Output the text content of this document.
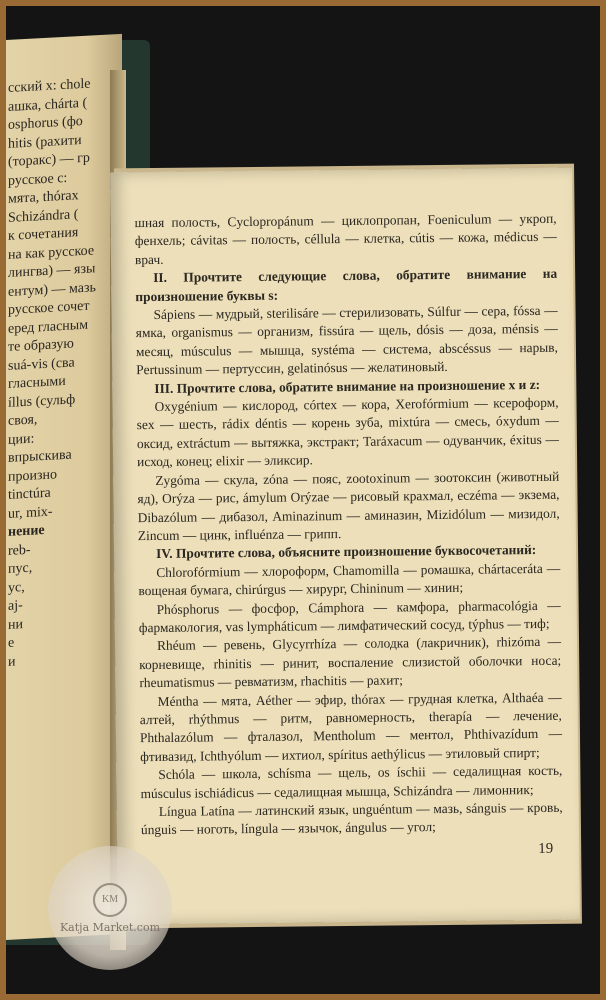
сский х: chole
ашка, chárta (
osphorus (фо
hitis (рахити
(торакс) — гр
русское с:
мята, thórax
Schizándra (
к сочетания
на как русское
лингва) — язы
ентум) — мазь
русское сочет
еред гласным
те образую
suá-vis (сва
гласными
íllus (сульф
своя,
ции:
впрыскива
произно
tinctúra
ur, mix-
нение
reb-
пус,
ус,
aj-
ни
е
и

шная полость, Cyclopropánum — циклопропан, Foeniculum — укроп, фенхель; cávitas — полость, céllula — клетка, cútis — кожа, médicus — врач.

II. Прочтите следующие слова, обратите внимание на произношение буквы s:

Sápiens — мудрый, sterilisáre — стерилизовать, Súlfur — сера, fóssa — ямка, organismus — организм, fissúra — щель, dósis — доза, ménsis — месяц, músculus — мышца, systéma — система, abscéssus — нарыв, Pertussinum — пертуссин, gelatinósus — желатиновый.

III. Прочтите слова, обратите внимание на произношение x и z:

Oxygénium — кислород, córtex — кора, Xerofórmium — ксероформ, sex — шесть, rádix déntis — корень зуба, mixtúra — смесь, óxydum — оксид, extráctum — вытяжка, экстракт; Taráxacum — одуванчик, éxitus — исход, конец; elixir — эликсир.

Zygóma — скула, zóna — пояс, zootoxinum — зоотоксин (животный яд), Orýza — рис, ámylum Orýzae — рисовый крахмал, eczéma — экзема, Dibazólum — дибазол, Aminazinum — аминазин, Mizidólum — мизидол, Zincum — цинк, influénza — грипп.

IV. Прочтите слова, объясните произношение буквосочетаний:

Chlorofórmium — хлороформ, Chamomilla — ромашка, chártaceráta — вощеная бумага, chirúrgus — хирург, Chininum — хинин;

Phósphorus — фосфор, Cámphora — камфора, pharmacológia — фармакология, vas lympháticum — лимфатический сосуд, týphus — тиф;

Rhéum — ревень, Glycyrrhíza — солодка (лакричник), rhizóma — корневище, rhinitis — ринит, воспаление слизистой оболочки носа; rheumatismus — ревматизм, rhachitis — рахит;

Méntha — мята, Aéther — эфир, thórax — грудная клетка, Althaéa — алтей, rhýthmus — ритм, равномерность, therapía — лечение, Phthalazólum — фталазол, Mentholum — ментол, Phthivazídum — фтивазид, Ichthyólum — ихтиол, spíritus aethýlicus — этиловый спирт;

Schóla — школа, schísma — щель, os íschii — седалищная кость, músculus ischiádicus — седалищная мышца, Schizándra — лимонник;

Língua Latína — латинский язык, unguéntum — мазь, sánguis — кровь, únguis — ноготь, língula — язычок, ángulus — угол;

19
KM
Katja Market.com
